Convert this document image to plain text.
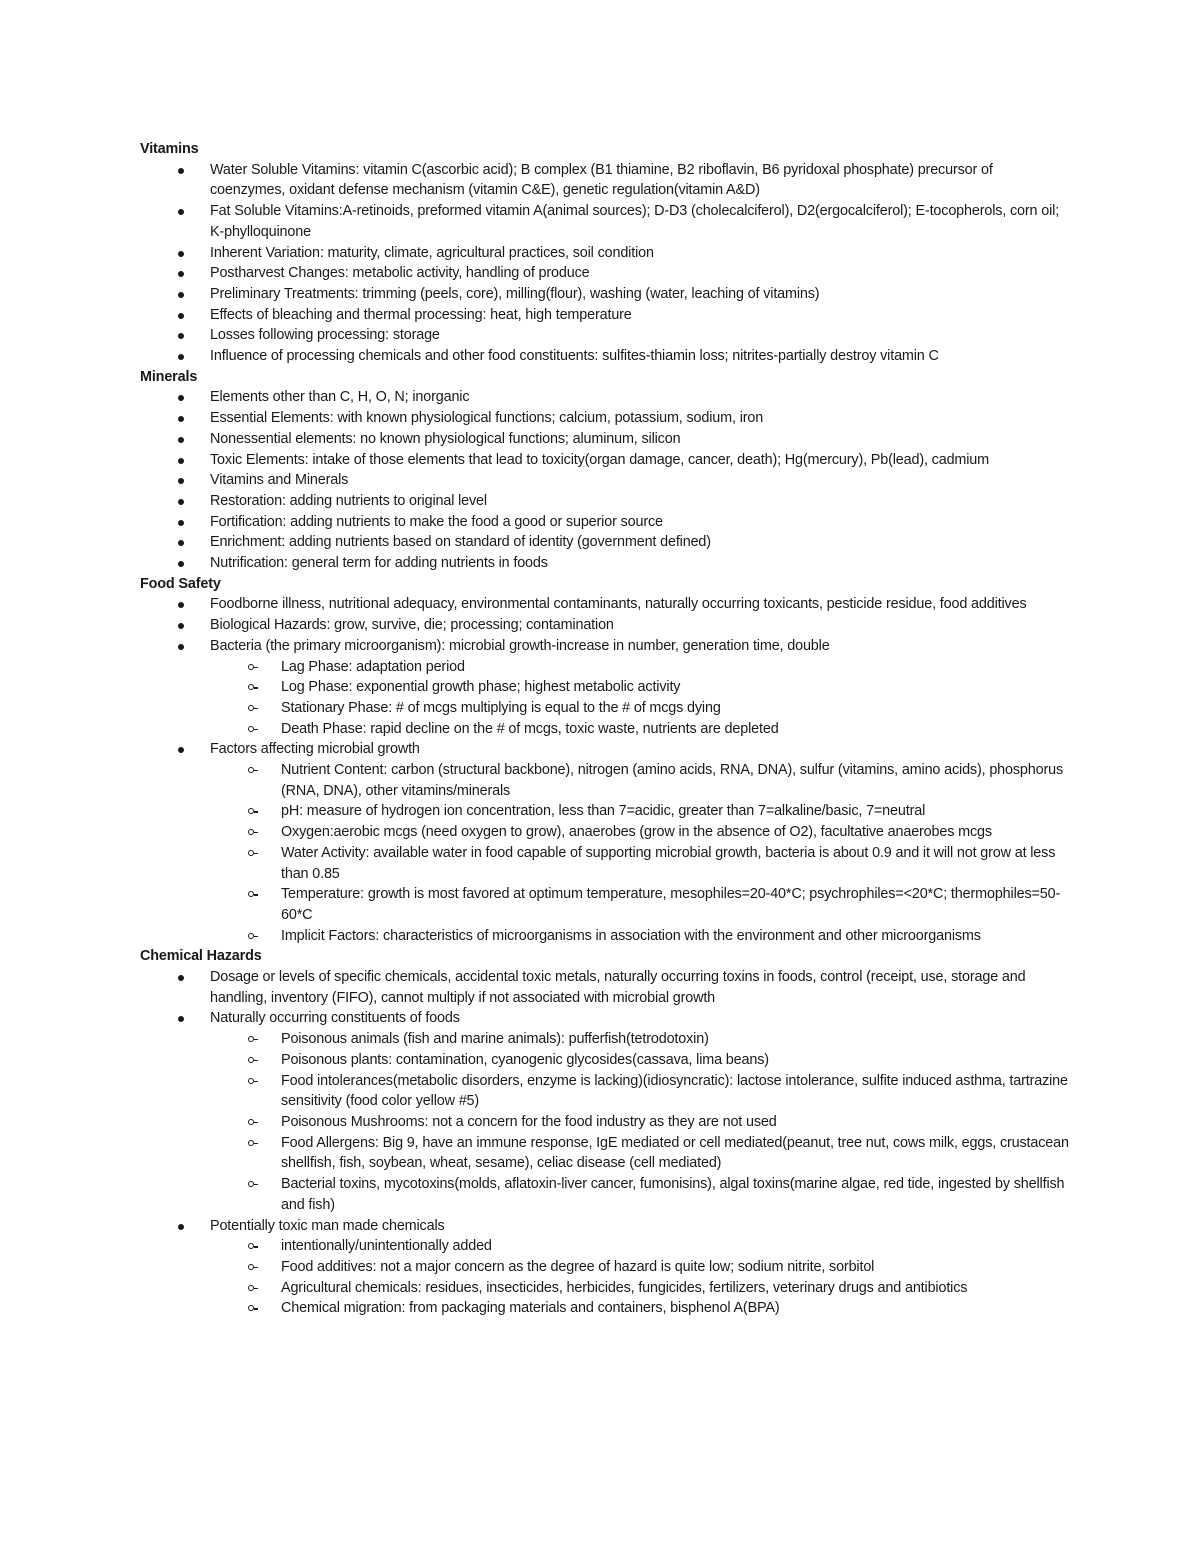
Vitamins
Water Soluble Vitamins: vitamin C(ascorbic acid); B complex (B1 thiamine, B2 riboflavin, B6 pyridoxal phosphate) precursor of coenzymes, oxidant defense mechanism (vitamin C&E), genetic regulation(vitamin A&D)
Fat Soluble Vitamins:A-retinoids, preformed vitamin A(animal sources); D-D3 (cholecalciferol), D2(ergocalciferol); E-tocopherols, corn oil; K-phylloquinone
Inherent Variation: maturity, climate, agricultural practices, soil condition
Postharvest Changes: metabolic activity, handling of produce
Preliminary Treatments: trimming (peels, core), milling(flour), washing (water, leaching of vitamins)
Effects of bleaching and thermal processing: heat, high temperature
Losses following processing: storage
Influence of processing chemicals and other food constituents: sulfites-thiamin loss; nitrites-partially destroy vitamin C
Minerals
Elements other than C, H, O, N; inorganic
Essential Elements: with known physiological functions; calcium, potassium, sodium, iron
Nonessential elements: no known physiological functions; aluminum, silicon
Toxic Elements: intake of those elements that lead to toxicity(organ damage, cancer, death); Hg(mercury), Pb(lead), cadmium
Vitamins and Minerals
Restoration: adding nutrients to original level
Fortification: adding nutrients to make the food a good or superior source
Enrichment: adding nutrients based on standard of identity (government defined)
Nutrification: general term for adding nutrients in foods
Food Safety
Foodborne illness, nutritional adequacy, environmental contaminants, naturally occurring toxicants, pesticide residue, food additives
Biological Hazards: grow, survive, die; processing; contamination
Bacteria (the primary microorganism): microbial growth-increase in number, generation time, double
Lag Phase: adaptation period
Log Phase: exponential growth phase; highest metabolic activity
Stationary Phase: # of mcgs multiplying is equal to the # of mcgs dying
Death Phase: rapid decline on the # of mcgs, toxic waste, nutrients are depleted
Factors affecting microbial growth
Nutrient Content: carbon (structural backbone), nitrogen (amino acids, RNA, DNA), sulfur (vitamins, amino acids), phosphorus (RNA, DNA), other vitamins/minerals
pH: measure of hydrogen ion concentration, less than 7=acidic, greater than 7=alkaline/basic, 7=neutral
Oxygen:aerobic mcgs (need oxygen to grow), anaerobes (grow in the absence of O2), facultative anaerobes mcgs
Water Activity: available water in food capable of supporting microbial growth, bacteria is about 0.9 and it will not grow at less than 0.85
Temperature: growth is most favored at optimum temperature, mesophiles=20-40*C; psychrophiles=<20*C; thermophiles=50-60*C
Implicit Factors: characteristics of microorganisms in association with the environment and other microorganisms
Chemical Hazards
Dosage or levels of specific chemicals, accidental toxic metals, naturally occurring toxins in foods, control (receipt, use, storage and handling, inventory (FIFO), cannot multiply if not associated with microbial growth
Naturally occurring constituents of foods
Poisonous animals (fish and marine animals): pufferfish(tetrodotoxin)
Poisonous plants: contamination, cyanogenic glycosides(cassava, lima beans)
Food intolerances(metabolic disorders, enzyme is lacking)(idiosyncratic): lactose intolerance, sulfite induced asthma, tartrazine sensitivity (food color yellow #5)
Poisonous Mushrooms: not a concern for the food industry as they are not used
Food Allergens: Big 9, have an immune response, IgE mediated or cell mediated(peanut, tree nut, cows milk, eggs, crustacean shellfish, fish, soybean, wheat, sesame), celiac disease (cell mediated)
Bacterial toxins, mycotoxins(molds, aflatoxin-liver cancer, fumonisins), algal toxins(marine algae, red tide, ingested by shellfish and fish)
Potentially toxic man made chemicals
intentionally/unintentionally added
Food additives: not a major concern as the degree of hazard is quite low; sodium nitrite, sorbitol
Agricultural chemicals: residues, insecticides, herbicides, fungicides, fertilizers, veterinary drugs and antibiotics
Chemical migration: from packaging materials and containers, bisphenol A(BPA)
